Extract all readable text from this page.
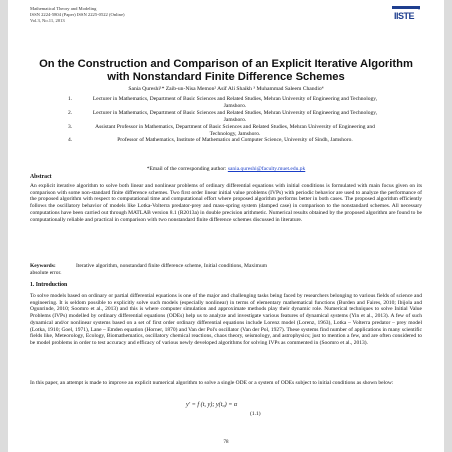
Mathematical Theory and Modeling
ISSN 2224-5804 (Paper) ISSN 2225-0522 (Online)
Vol.3, No.11, 2013
www.iiste.org
IISTE
On the Construction and Comparison of an Explicit Iterative Algorithm with Nonstandard Finite Difference Schemes
Sania Qureshi¹* Zaib-un-Nisa Memon² Asif Ali Shaikh ³ Muhammad Saleem Chandio⁴
1.	Lecturer in Mathematics, Department of Basic Sciences and Related Studies, Mehran University of Engineering and Technology, Jamshoro.
2.	Lecturer in Mathematics, Department of Basic Sciences and Related Studies, Mehran University of Engineering and Technology, Jamshoro.
3.	Assistant Professor in Mathematics, Department of Basic Sciences and Related Studies, Mehran University of Engineering and Technology, Jamshoro.
4.	Professor of Mathematics, Institute of Mathematics and Computer Science, University of Sindh, Jamshoro.
*Email of the corresponding author: sania.qureshi@faculty.muet.edu.pk
Abstract

An explicit iterative algorithm to solve both linear and nonlinear problems of ordinary differential equations with initial conditions is formulated with main focus given on its comparison with some non-standard finite difference schemes. Two first order linear initial value problems (IVPs) with periodic behavior are used to analyze the performance of the proposed algorithm with respect to computational time and computational effort where proposed algorithm performs better in both cases. The proposed algorithm efficiently follows the oscillatory behavior of models like Lotka-Volterra predator-prey and mass-spring system (damped case) in comparison to the nonstandard schemes. All necessary computations have been carried out through MATLAB version 8.1 (R2013a) in double precision arithmetic. Numerical results obtained by the proposed algorithm are found to be computationally reliable and practical in comparison with two nonstandard finite difference schemes discussed in literature.

Keywords:	Iterative algorithm, nonstandard finite difference scheme, Initial conditions, Maximum
absolute error.
1. Introduction

To solve models based on ordinary or partial differential equations is one of the major and challenging tasks being faced by researchers belonging to various fields of science and engineering. It is seldom possible to explicitly solve such models (especially nonlinear) in terms of elementary mathematical functions (Burden and Faires, 2010; Ibijola and Ogunrinde, 2010; Soomro et al., 2013) and this is where computer simulation and approximate methods play their dynamic role. Numerical techniques to solve Initial Value Problems (IVPs) modelled by ordinary differential equations (ODEs) help us to analyze and investigate various features of dynamical systems (Yin et al., 2013). A few of such dynamical and/or nonlinear systems based on a set of first order ordinary differential equations include Lorenz model (Lorenz, 1963), Lotka – Volterra predator – prey model (Lotka, 1910; Goel, 1971), Lane – Emden equation (Horner, 1870) and Van der Pol's oscillator (Van der Pol, 1927). These systems find number of applications in many scientific fields like, Meteorology, Ecology, Biomathematics, oscillatory chemical reactions, chaos theory, seismology, and astrophysics; just to mention a few, and are often considered to be model problems in order to test accuracy and efficacy of various newly developed algorithms for solving IVPs as commented in (Soomro et al., 2013).

In this paper, an attempt is made to improve an explicit numerical algorithm to solve a single ODE or a system of ODEs subject to initial conditions as shown below:

y′ = f (t, y); y(t₀) = α
(1.1)
78
